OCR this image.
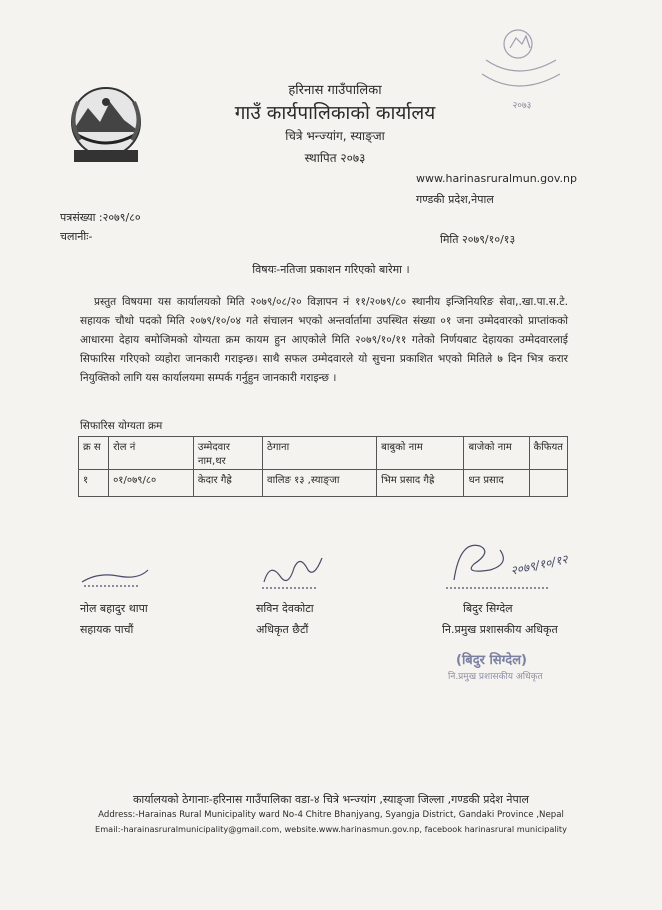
२०७३
हरिनास गाउँपालिका
गाउँ कार्यपालिकाको कार्यालय
चित्रे भन्ज्यांग, स्याङ्जा
स्थापित २०७३
www.harinasruralmun.gov.np
गण्डकी प्रदेश,नेपाल
पत्रसंख्या :२०७९/८०
चलानीः-	मिति २०७९/१०/१३
विषयः-नतिजा प्रकाशन गरिएको बारेमा ।
प्रस्तुत विषयमा यस कार्यालयको मिति २०७९/०८/२० विज्ञापन नं ११/२०७९/८० स्थानीय इन्जिनियरिङ सेवा,.खा.पा.स.टे. सहायक चौथो पदको मिति २०७९/१०/०४ गते संचालन भएको अन्तर्वार्तामा उपस्थित संख्या ०१ जना उम्मेदवारको प्राप्तांकको आधारमा देहाय बमोजिमको योग्यता क्रम कायम हुन आएकोले मिति २०७९/१०/११ गतेको निर्णयबाट देहायका उम्मेदवारलाई सिफारिस गरिएको व्यहोरा जानकारी गराइन्छ। साथै सफल उम्मेदवारले यो सुचना प्रकाशित भएको मितिले ७ दिन भित्र करार नियुक्तिको लागि यस कार्यालयमा सम्पर्क गर्नुहुन जानकारी गराइन्छ ।
सिफारिस योग्यता क्रम
क्र स	रोल नं	उम्मेदवार नाम,थर	ठेगाना	बाबुको नाम	बाजेको नाम	कैफियत
१	०१/०७९/८०	केदार गैह्रे	वालिङ १३ ,स्याङ्जा	भिम प्रसाद गैह्रे	धन प्रसाद	
२०७९/१०/१२
नोल बहादुर थापा
सहायक पाचौं
सविन देवकोटा
अधिकृत छैटौं
बिदुर सिग्देल
नि.प्रमुख प्रशासकीय अधिकृत
(बिदुर सिग्देल)
नि.प्रमुख प्रशासकीय अधिकृत
कार्यालयको ठेगानाः-हरिनास गाउँपालिका वडा-४ चित्रे भन्ज्यांग ,स्याङ्जा जिल्ला ,गण्डकी प्रदेश नेपाल
Address:-Harainas Rural Municipality ward No-4 Chitre Bhanjyang, Syangja District, Gandaki Province ,Nepal
Email:-harainasruralmunicipality@gmail.com, website.www.harinasmun.gov.np, facebook harinasrural municipality
